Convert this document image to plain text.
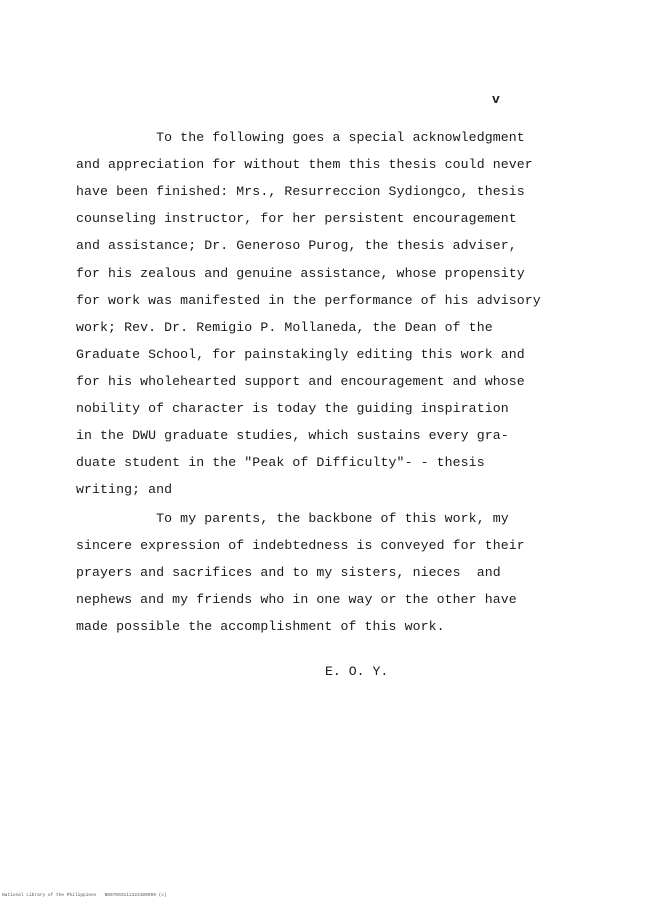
v
To the following goes a special acknowledgment
and appreciation for without them this thesis could never
have been finished: Mrs., Resurreccion Sydiongco, thesis
counseling instructor, for her persistent encouragement
and assistance; Dr. Generoso Purog, the thesis adviser,
for his zealous and genuine assistance, whose propensity
for work was manifested in the performance of his advisory
work; Rev. Dr. Remigio P. Mollaneda, the Dean of the
Graduate School, for painstakingly editing this work and
for his wholehearted support and encouragement and whose
nobility of character is today the guiding inspiration
in the DWU graduate studies, which sustains every gra-
duate student in the "Peak of Difficulty"- - thesis
writing; and
To my parents, the backbone of this work, my
sincere expression of indebtedness is conveyed for their
prayers and sacrifices and to my sisters, nieces  and
nephews and my friends who in one way or the other have
made possible the accomplishment of this work.
E. O. Y.
National Library of the Philippines   ND07093111323100999 (c)
